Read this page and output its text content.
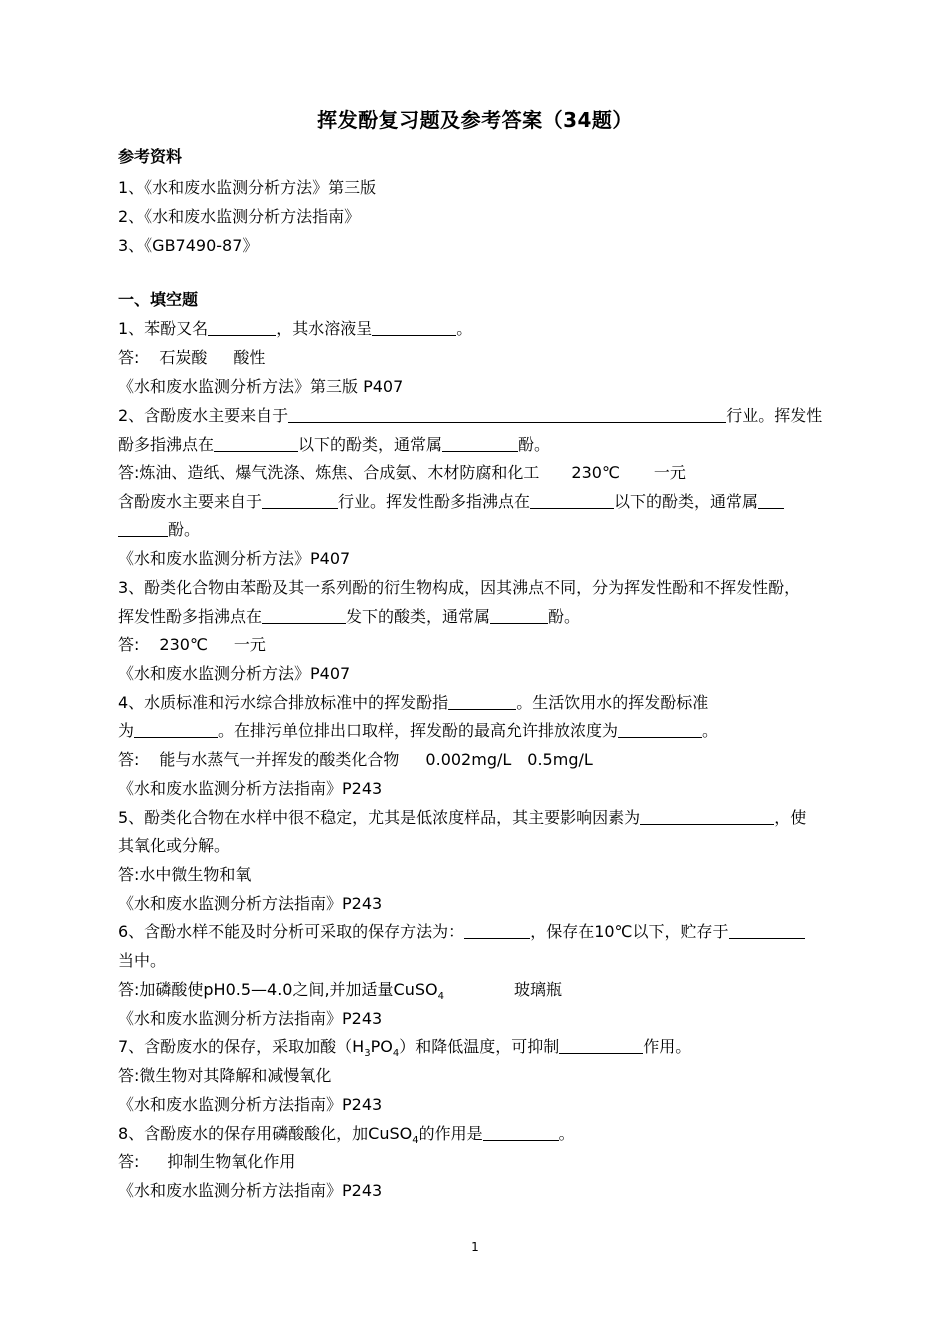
挥发酚复习题及参考答案（34题）
参考资料
1、《水和废水监测分析方法》第三版
2、《水和废水监测分析方法指南》
3、《GB7490-87》
一、填空题
1、苯酚又名	，其水溶液呈	。
答: 石炭酸 酸性
《水和废水监测分析方法》第三版 P407
2、含酚废水主要来自于	行业。挥发性
酚多指沸点在	以下的酚类，通常属	酚。
答:炼油、造纸、爆气洗涤、炼焦、合成氨、木材防腐和化工 230℃ 一元
含酚废水主要来自于	行业。挥发性酚多指沸点在	以下的酚类，通常属
酚。
《水和废水监测分析方法》P407
3、酚类化合物由苯酚及其一系列酚的衍生物构成，因其沸点不同，分为挥发性酚和不挥发性酚，
挥发性酚多指沸点在	发下的酸类，通常属	酚。
答: 230℃ 一元
《水和废水监测分析方法》P407
4、水质标准和污水综合排放标准中的挥发酚指	。生活饮用水的挥发酚标准
为	。在排污单位排出口取样，挥发酚的最高允许排放浓度为	。
答: 能与水蒸气一并挥发的酸类化合物 0.002mg/L 0.5mg/L
《水和废水监测分析方法指南》P243
5、酚类化合物在水样中很不稳定，尤其是低浓度样品，其主要影响因素为	，使
其氧化或分解。
答:水中微生物和氧
《水和废水监测分析方法指南》P243
6、含酚水样不能及时分析可采取的保存方法为：	，保存在10℃以下，贮存于
当中。
答:加磷酸使pH0.5—4.0之间,并加适量CuSO$_4$	玻璃瓶
《水和废水监测分析方法指南》P243
7、含酚废水的保存，采取加酸$(H_3PO_4)$和降低温度，可抑制	作用。
答:微生物对其降解和减慢氧化
《水和废水监测分析方法指南》P243
8、含酚废水的保存用磷酸酸化，加CuSO$_4$的作用是	。
答: 抑制生物氧化作用
《水和废水监测分析方法指南》P243
1
